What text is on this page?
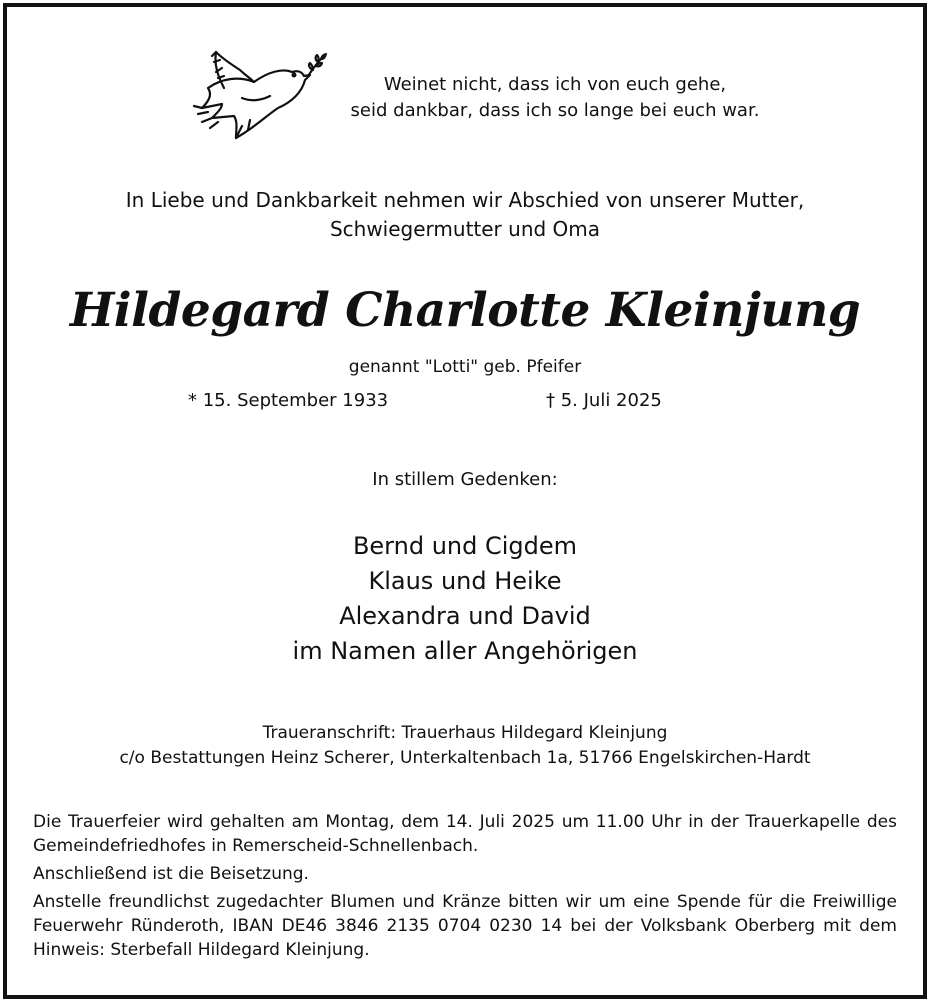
Weinet nicht, dass ich von euch gehe,
seid dankbar, dass ich so lange bei euch war.
In Liebe und Dankbarkeit nehmen wir Abschied von unserer Mutter,
Schwiegermutter und Oma
Hildegard Charlotte Kleinjung
genannt "Lotti" geb. Pfeifer
* 15. September 1933	† 5. Juli 2025
In stillem Gedenken:
Bernd und Cigdem
Klaus und Heike
Alexandra und David
im Namen aller Angehörigen
Traueranschrift: Trauerhaus Hildegard Kleinjung
c/o Bestattungen Heinz Scherer, Unterkaltenbach 1a, 51766 Engelskirchen-Hardt

Die Trauerfeier wird gehalten am Montag, dem 14. Juli 2025 um 11.00 Uhr in der Trauerkapelle des Gemeindefriedhofes in Remerscheid-Schnellenbach.

Anschließend ist die Beisetzung.

Anstelle freundlichst zugedachter Blumen und Kränze bitten wir um eine Spende für die Freiwillige Feuerwehr Ründeroth, IBAN DE46 3846 2135 0704 0230 14 bei der Volksbank Oberberg mit dem Hinweis: Sterbefall Hildegard Kleinjung.
